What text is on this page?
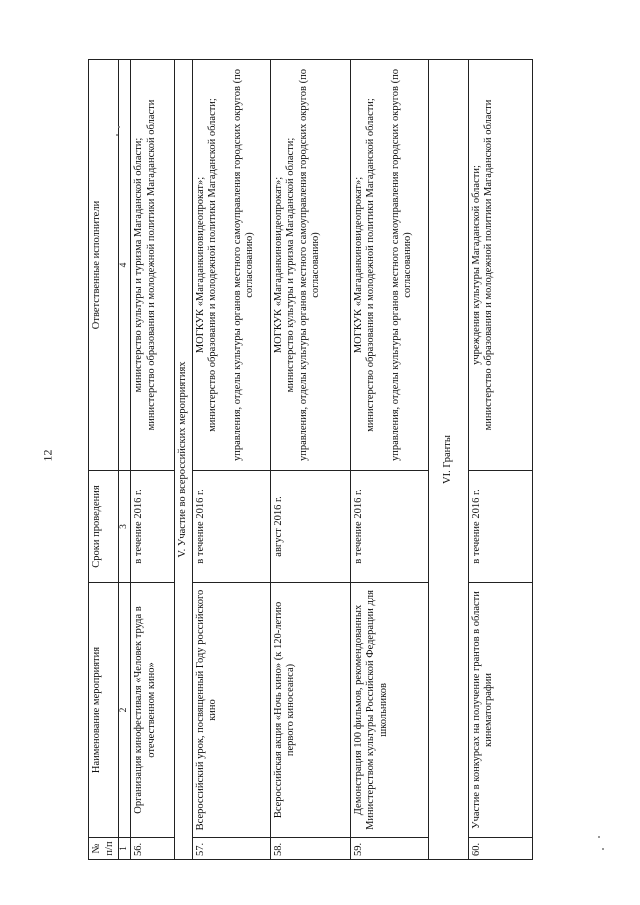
12
№
п/п	Наименование мероприятия	Сроки проведения	Ответственные исполнители
1	2	3	4
56.	Организация кинофестиваля «Человек труда в отечественном кино»	в течение 2016 г.	министерство культуры и туризма Магаданской области; министерство образования и молодежной политики Магаданской области

V. Участие во всероссийских мероприятиях			
57.	Всероссийский урок, посвященный Году российского кино	в течение 2016 г.	МОГКУК «Магаданкиновидеопрокат»; министерство образования и молодежной политики Магаданской области; управления, отделы культуры органов местного самоуправления городских округов (по согласованию)

58.	Всероссийская акция «Ночь кино» (к 120-летию первого киносеанса)	август 2016 г.	МОГКУК «Магаданкиновидеопрокат»; министерство культуры и туризма Магаданской области; управления, отделы культуры органов местного самоуправления городских округов (по согласованию)

59.	Демонстрация 100 фильмов, рекомендованных Министерством культуры Российской Федерации для школьников	в течение 2016 г.	МОГКУК «Магаданкиновидеопрокат»; министерство образования и молодежной политики Магаданской области; управления, отделы культуры органов местного самоуправления городских округов (по согласованию)

VI. Гранты			
60.	Участие в конкурсах на получение грантов в области кинематографии	в течение 2016 г.	учреждения культуры Магаданской области; министерство образования и молодежной политики Магаданской области
